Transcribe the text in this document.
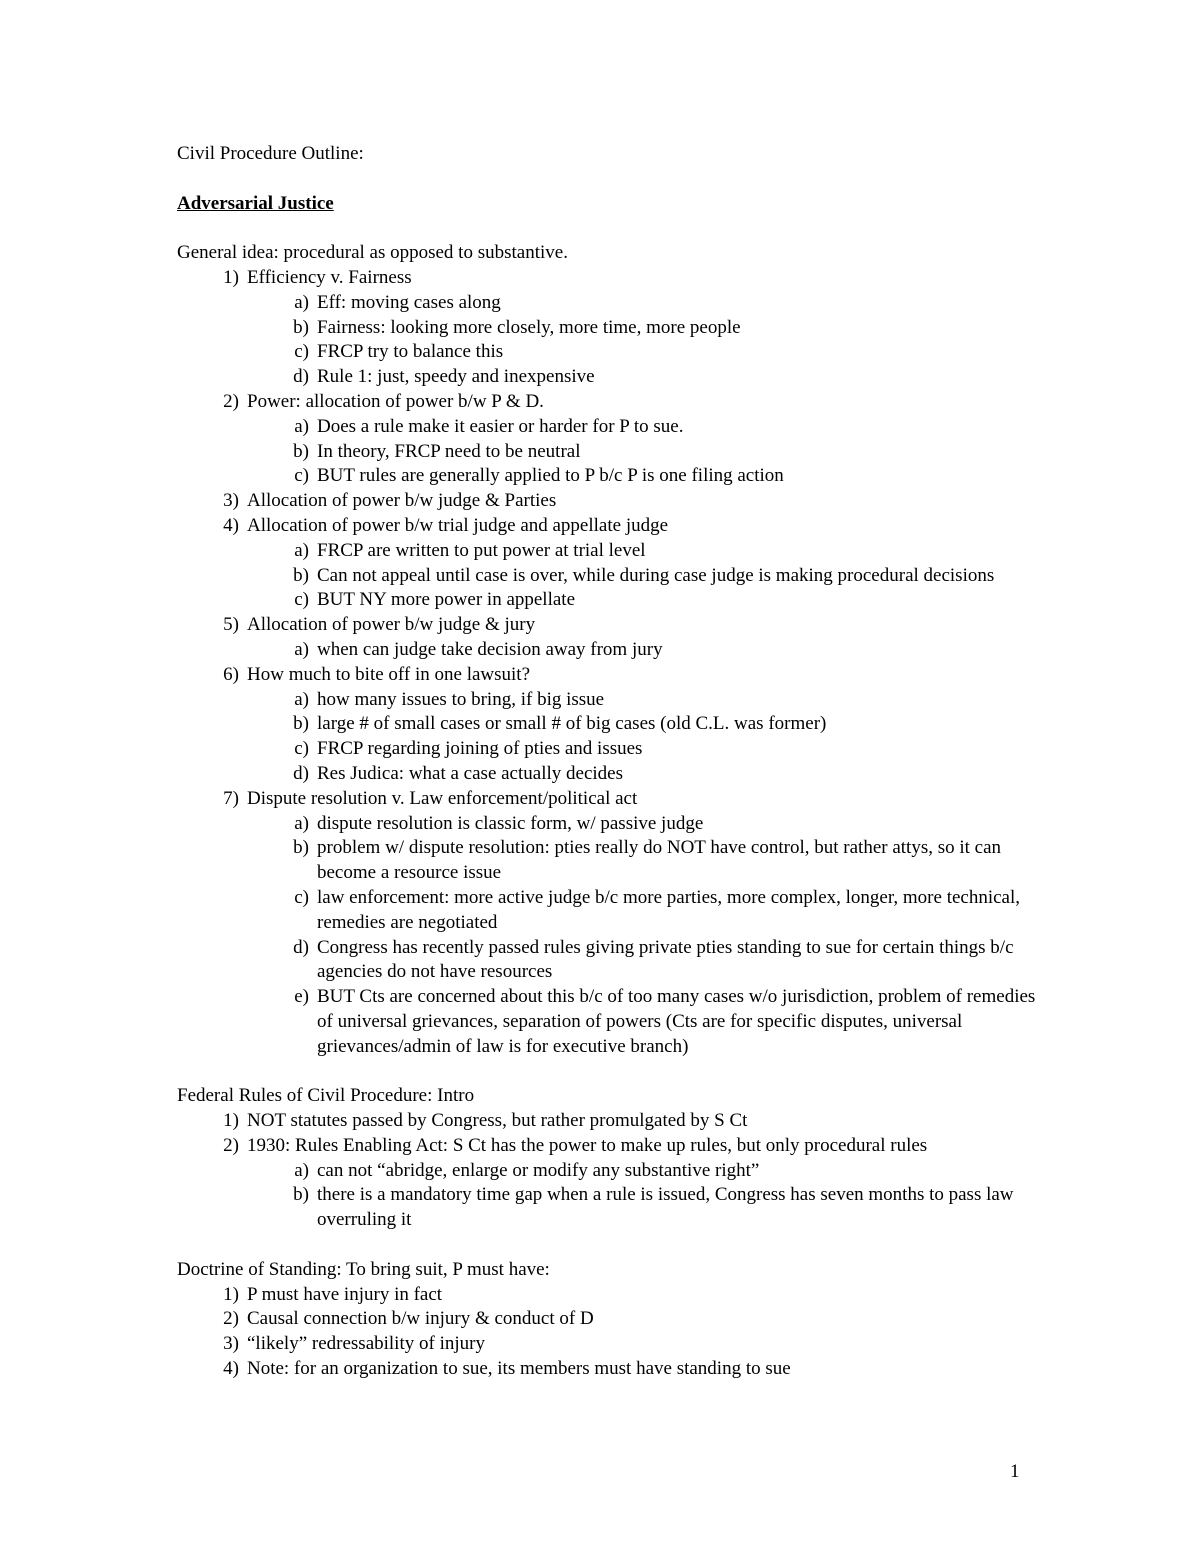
Civil Procedure Outline:
Adversarial Justice
General idea: procedural as opposed to substantive.
1) Efficiency v. Fairness
a) Eff: moving cases along
b) Fairness: looking more closely, more time, more people
c) FRCP try to balance this
d) Rule 1: just, speedy and inexpensive
2) Power: allocation of power b/w P & D.
a) Does a rule make it easier or harder for P to sue.
b) In theory, FRCP need to be neutral
c) BUT rules are generally applied to P b/c P is one filing action
3) Allocation of power b/w judge & Parties
4) Allocation of power b/w trial judge and appellate judge
a) FRCP are written to put power at trial level
b) Can not appeal until case is over, while during case judge is making procedural decisions
c) BUT NY more power in appellate
5) Allocation of power b/w judge & jury
a) when can judge take decision away from jury
6) How much to bite off in one lawsuit?
a) how many issues to bring, if big issue
b) large # of small cases or small # of big cases (old C.L. was former)
c) FRCP regarding joining of pties and issues
d) Res Judica: what a case actually decides
7) Dispute resolution v. Law enforcement/political act
a) dispute resolution is classic form, w/ passive judge
b) problem w/ dispute resolution: pties really do NOT have control, but rather attys, so it can become a resource issue
c) law enforcement: more active judge b/c more parties, more complex, longer, more technical, remedies are negotiated
d) Congress has recently passed rules giving private pties standing to sue for certain things b/c agencies do not have resources
e) BUT Cts are concerned about this b/c of too many cases w/o jurisdiction, problem of remedies of universal grievances, separation of powers (Cts are for specific disputes, universal grievances/admin of law is for executive branch)
Federal Rules of Civil Procedure: Intro
1) NOT statutes passed by Congress, but rather promulgated by S Ct
2) 1930: Rules Enabling Act: S Ct has the power to make up rules, but only procedural rules
a) can not “abridge, enlarge or modify any substantive right”
b) there is a mandatory time gap when a rule is issued, Congress has seven months to pass law overruling it
Doctrine of Standing: To bring suit, P must have:
1) P must have injury in fact
2) Causal connection b/w injury & conduct of D
3) “likely” redressability of injury
4) Note: for an organization to sue, its members must have standing to sue
1
